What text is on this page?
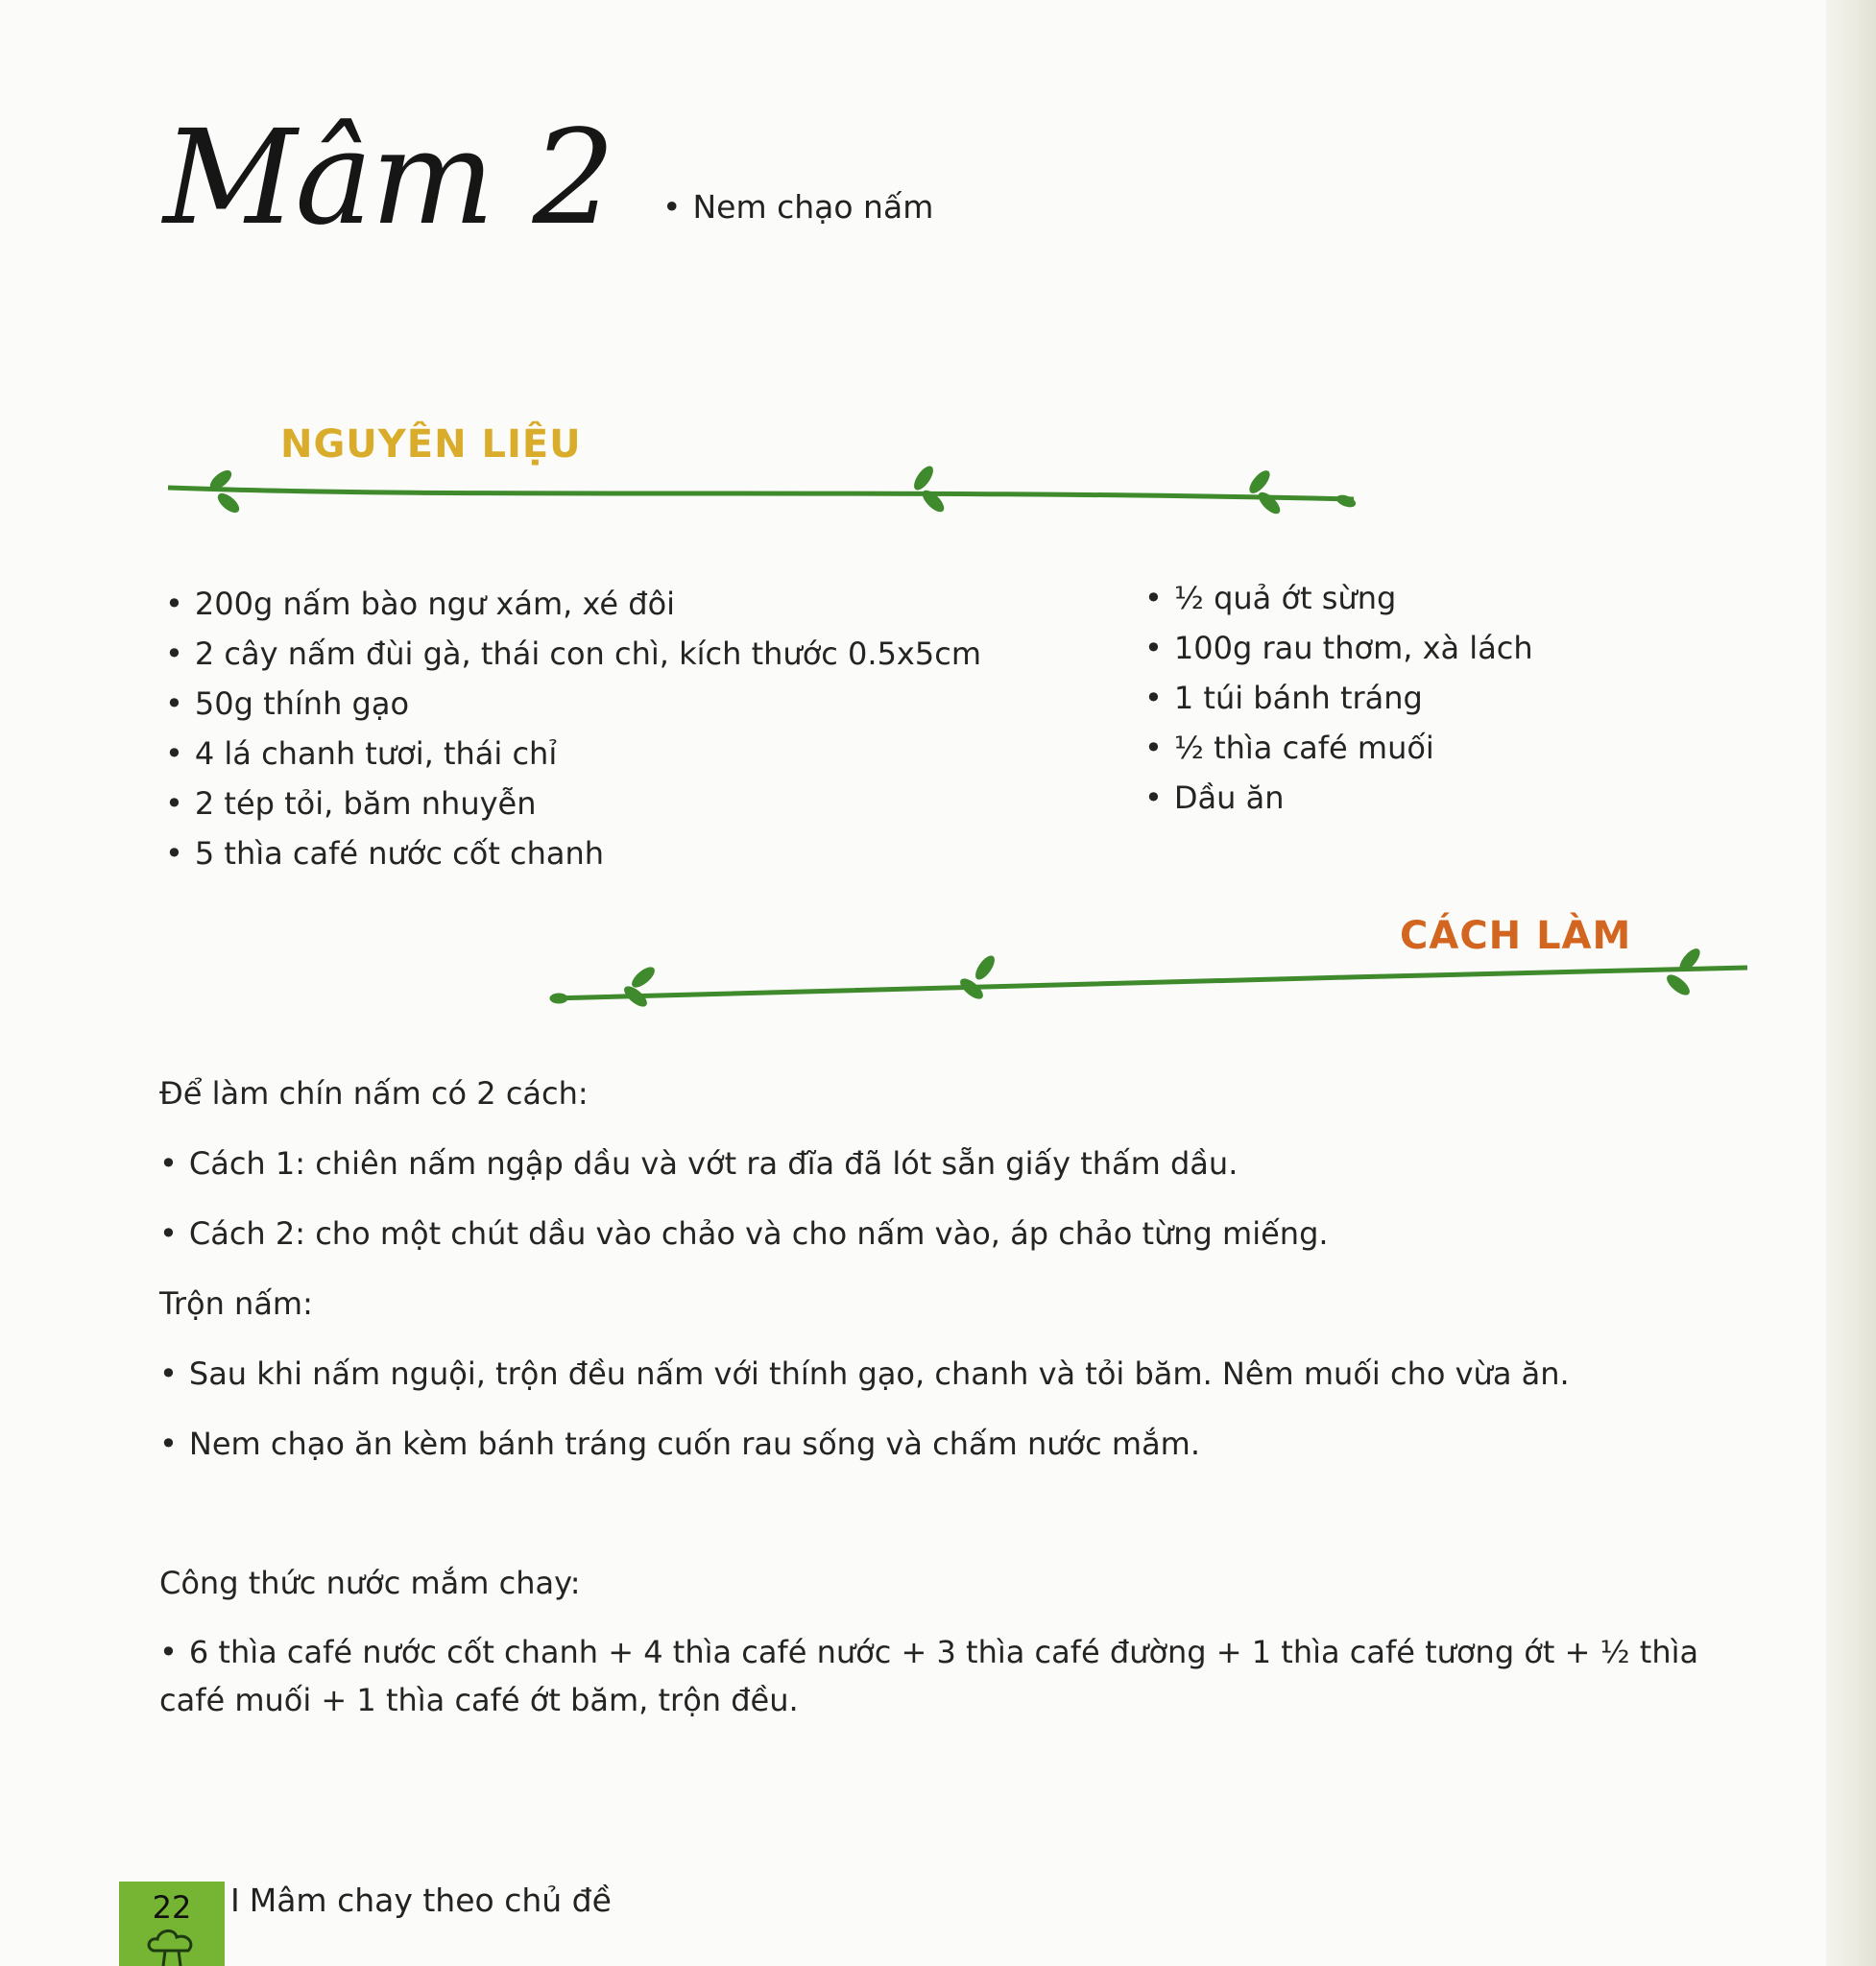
Mâm 2
•	Nem chạo nấm
NGUYÊN LIỆU
• 200g nấm bào ngư xám, xé đôi
• 2 cây nấm đùi gà, thái con chì, kích thước 0.5x5cm
• 50g thính gạo
• 4 lá chanh tươi, thái chỉ
• 2 tép tỏi, băm nhuyễn
• 5 thìa café nước cốt chanh
• ½ quả ớt sừng
• 100g rau thơm, xà lách
• 1 túi bánh tráng
• ½ thìa café muối
• Dầu ăn
CÁCH LÀM
Để làm chín nấm có 2 cách:
• Cách 1: chiên nấm ngập dầu và vớt ra đĩa đã lót sẵn giấy thấm dầu.
• Cách 2: cho một chút dầu vào chảo và cho nấm vào, áp chảo từng miếng.
Trộn nấm:
• Sau khi nấm nguội, trộn đều nấm với thính gạo, chanh và tỏi băm. Nêm muối cho vừa ăn.
• Nem chạo ăn kèm bánh tráng cuốn rau sống và chấm nước mắm.
Công thức nước mắm chay:
• 6 thìa café nước cốt chanh + 4 thìa café nước + 3 thìa café đường + 1 thìa café tương ớt + ½ thìa café muối + 1 thìa café ớt băm, trộn đều.
22	I Mâm chay theo chủ đề
